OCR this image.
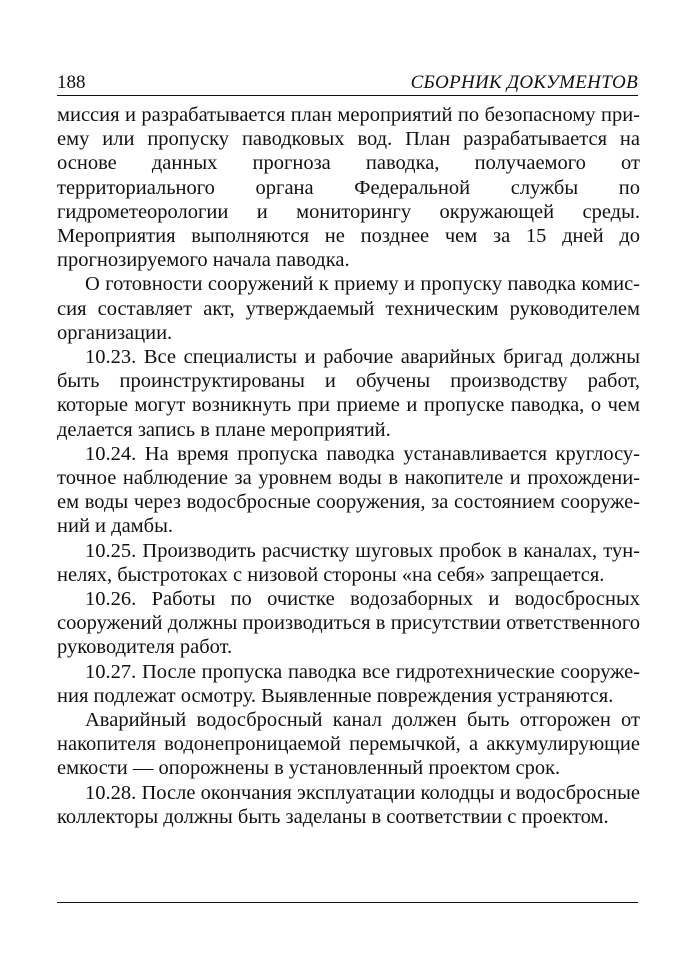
188	СБОРНИК ДОКУМЕНТОВ

миссия и разрабатывается план мероприятий по безопасному приему или пропуску паводковых вод. План разрабатывается на основе данных прогноза паводка, получаемого от территориального органа Федеральной службы по гидрометеорологии и мониторингу окружающей среды. Мероприятия выполняются не позднее чем за 15 дней до прогнозируемого начала паводка.

О готовности сооружений к приему и пропуску паводка комиссия составляет акт, утверждаемый техническим руководителем организации.

10.23. Все специалисты и рабочие аварийных бригад должны быть проинструктированы и обучены производству работ, которые могут возникнуть при приеме и пропуске паводка, о чем делается запись в плане мероприятий.

10.24. На время пропуска паводка устанавливается круглосуточное наблюдение за уровнем воды в накопителе и прохождением воды через водосбросные сооружения, за состоянием сооружений и дамбы.

10.25. Производить расчистку шуговых пробок в каналах, туннелях, быстротоках с низовой стороны «на себя» запрещается.

10.26. Работы по очистке водозаборных и водосбросных сооружений должны производиться в присутствии ответственного руководителя работ.

10.27. После пропуска паводка все гидротехнические сооружения подлежат осмотру. Выявленные повреждения устраняются.

Аварийный водосбросный канал должен быть отгорожен от накопителя водонепроницаемой перемычкой, а аккумулирующие емкости — опорожнены в установленный проектом срок.

10.28. После окончания эксплуатации колодцы и водосбросные коллекторы должны быть заделаны в соответствии с проектом.
